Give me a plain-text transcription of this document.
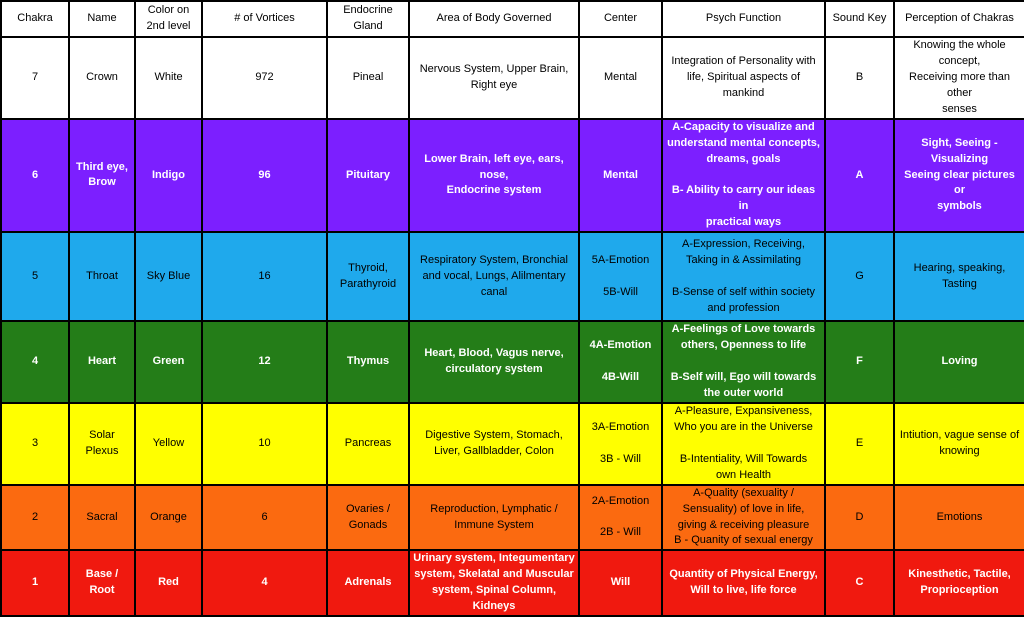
Chakra	Name	Color on 2nd level	# of Vortices	Endocrine Gland	Area of Body Governed	Center	Psych Function	Sound Key	Perception of Chakras
7	Crown	White	972	Pineal	Nervous System, Upper Brain,
Right eye	Mental	Integration of Personality with
life, Spiritual aspects of
mankind	B	Knowing the whole concept,
Receiving more than other
senses
6	Third eye,
Brow	Indigo	96	Pituitary	Lower Brain, left eye, ears, nose,
Endocrine system	Mental	A-Capacity to visualize and
understand mental concepts,
dreams, goals

B- Ability to carry our ideas in
practical ways	A	Sight, Seeing - Visualizing
Seeing clear pictures or
symbols
5	Throat	Sky Blue	16	Thyroid,
Parathyroid	Respiratory System, Bronchial
and vocal, Lungs, Alilmentary
canal	5A-Emotion

5B-Will	A-Expression, Receiving,
Taking in & Assimilating

B-Sense of self within society
and profession	G	Hearing, speaking, Tasting
4	Heart	Green	12	Thymus	Heart, Blood, Vagus nerve,
circulatory system	4A-Emotion

4B-Will	A-Feelings of Love towards
others, Openness to life

B-Self will, Ego will towards
the outer world	F	Loving
3	Solar Plexus	Yellow	10	Pancreas	Digestive System, Stomach,
Liver, Gallbladder, Colon	3A-Emotion

3B - Will	A-Pleasure, Expansiveness,
Who you are in the Universe

B-Intentiality, Will Towards
own Health	E	Intiution, vague sense of
knowing
2	Sacral	Orange	6	Ovaries /
Gonads	Reproduction, Lymphatic /
Immune System	2A-Emotion

2B - Will	A-Quality (sexuality /
Sensuality) of love in life,
giving & receiving pleasure
B - Quanity of sexual energy	D	Emotions
1	Base / Root	Red	4	Adrenals	Urinary system, Integumentary
system, Skelatal and Muscular
system, Spinal Column, Kidneys	Will	Quantity of Physical Energy,
Will to live, life force	C	Kinesthetic, Tactile,
Proprioception
